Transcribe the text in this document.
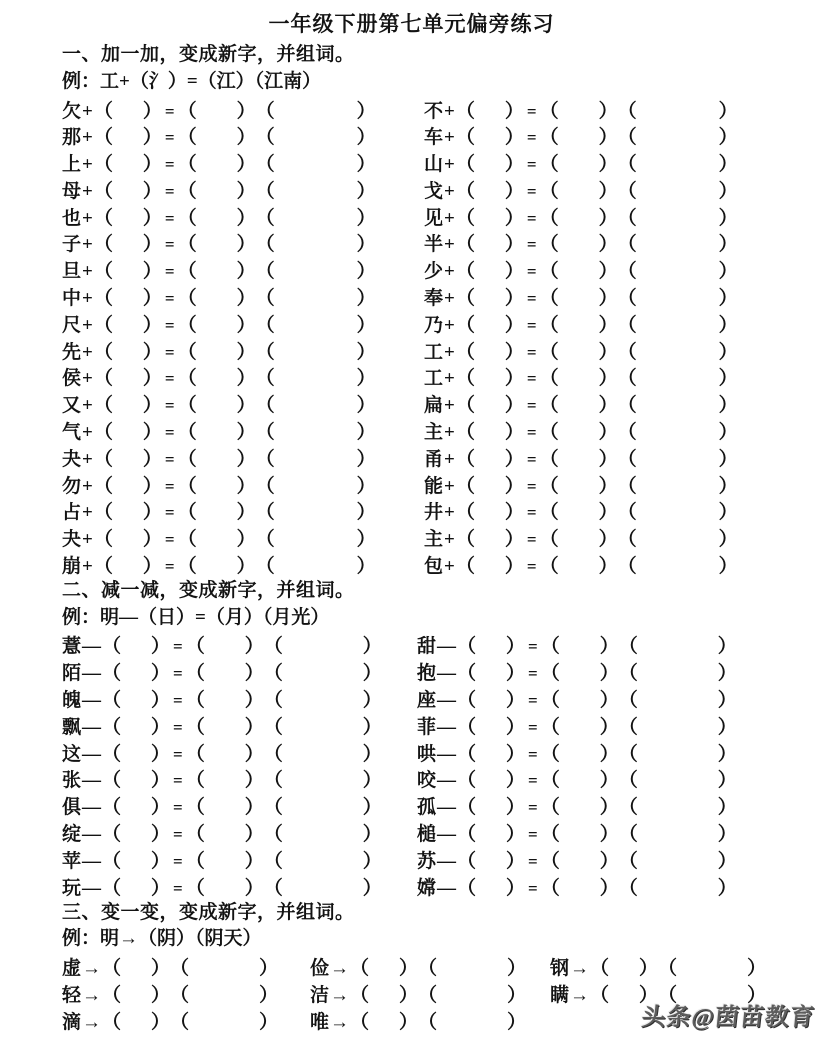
一年级下册第七单元偏旁练习
一、加一加，变成新字，并组词。
例：工+（氵）=（江）（江南）
欠 + （ ） = （ ） （	）	不 + （ ） = （ ） （	）
那 + （ ） = （ ） （	）	车 + （ ） = （ ） （	）
上 + （ ） = （ ） （	）	山 + （ ） = （ ） （	）
母 + （ ） = （ ） （	）	戈 + （ ） = （ ） （	）
也 + （ ） = （ ） （	）	见 + （ ） = （ ） （	）
子 + （ ） = （ ） （	）	半 + （ ） = （ ） （	）
旦 + （ ） = （ ） （	）	少 + （ ） = （ ） （	）
中 + （ ） = （ ） （	）	奉 + （ ） = （ ） （	）
尺 + （ ） = （ ） （	）	乃 + （ ） = （ ） （	）
先 + （ ） = （ ） （	）	工 + （ ） = （ ） （	）
侯 + （ ） = （ ） （	）	工 + （ ） = （ ） （	）
又 + （ ） = （ ） （	）	扁 + （ ） = （ ） （	）
气 + （ ） = （ ） （	）	主 + （ ） = （ ） （	）
夬 + （ ） = （ ） （	）	甬 + （ ） = （ ） （	）
勿 + （ ） = （ ） （	）	能 + （ ） = （ ） （	）
占 + （ ） = （ ） （	）	井 + （ ） = （ ） （	）
夬 + （ ） = （ ） （	）	主 + （ ） = （ ） （	）
崩 + （ ） = （ ） （	）	包 + （ ） = （ ） （	）
二、减一减，变成新字，并组词。
例：明—（日）=（月）（月光）
薏 — （ ） = （ ） （	） 甜 — （ ） = （ ） （	）
陌 — （ ） = （ ） （	） 抱 — （ ） = （ ） （	）
魄 — （ ） = （ ） （	） 座 — （ ） = （ ） （	）
飘 — （ ） = （ ） （	） 菲 — （ ） = （ ） （	）
这 — （ ） = （ ） （	） 哄 — （ ） = （ ） （	）
张 — （ ） = （ ） （	） 咬 — （ ） = （ ） （	）
俱 — （ ） = （ ） （	） 孤 — （ ） = （ ） （	）
绽 — （ ） = （ ） （	） 槌 — （ ） = （ ） （	）
苹 — （ ） = （ ） （	） 苏 — （ ） = （ ） （	）
玩 — （ ） = （ ） （	） 嫦 — （ ） = （ ） （	）
三、变一变，变成新字，并组词。
例：明→（阴）（阴天）
虚 → （ ） （	） 俭 → （ ） （	） 钢 → （ ） （	）
轻 → （ ） （	） 洁 → （ ） （	） 瞒 → （ ） （	）
滴 → （ ） （	） 唯 → （ ） （	）	头条@茵苗教育
